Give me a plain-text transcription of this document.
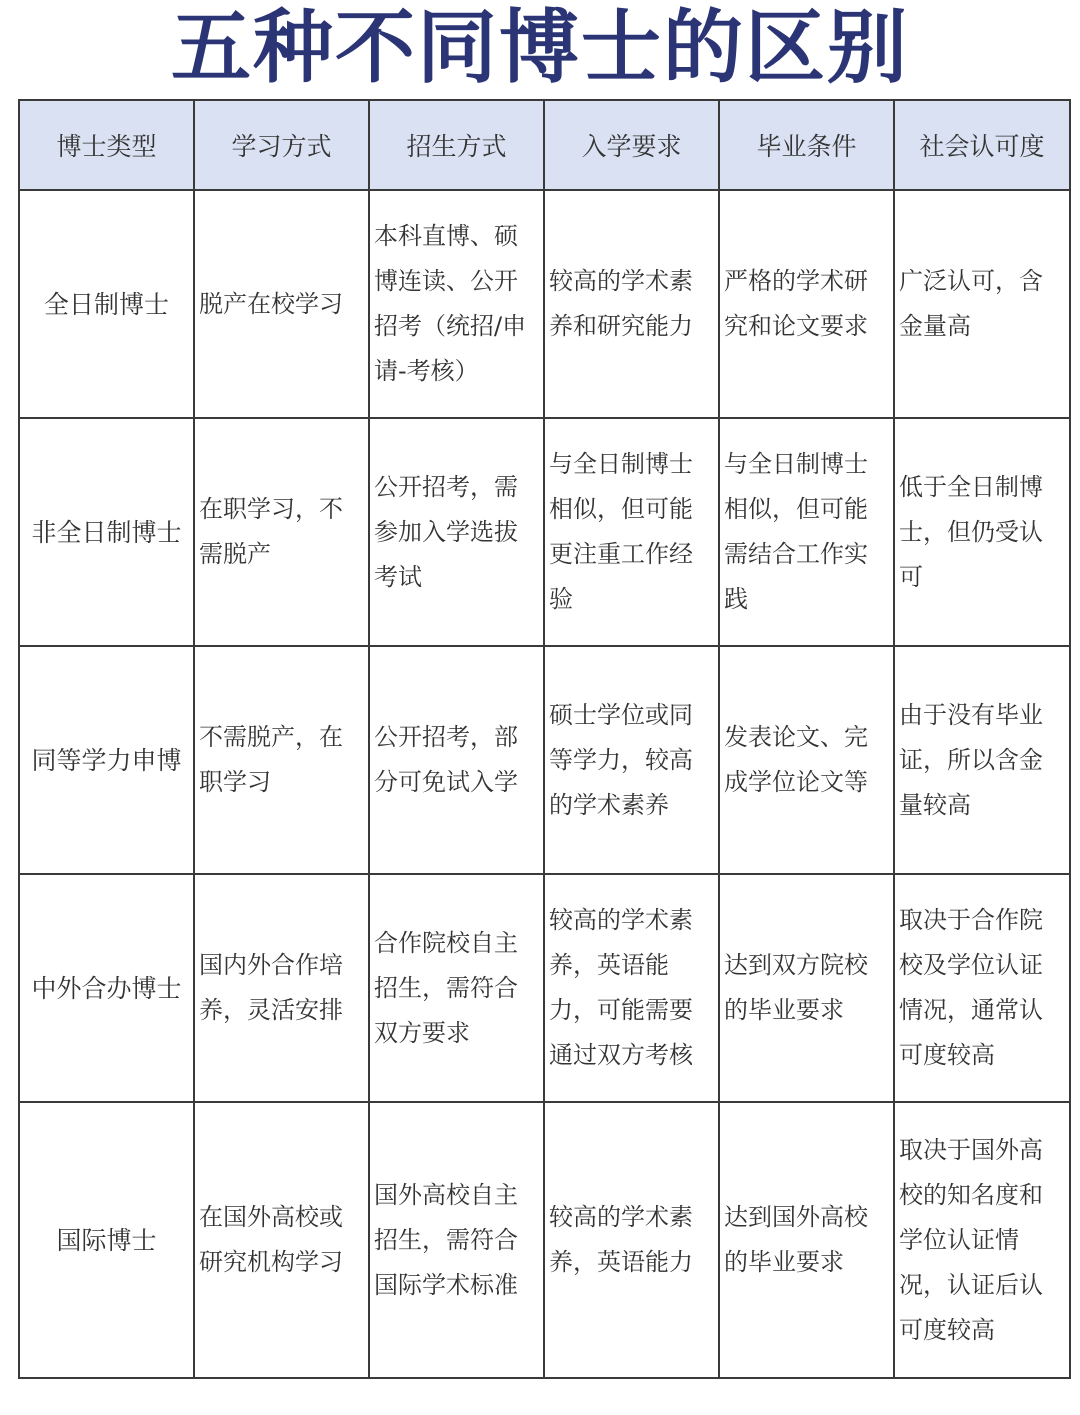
五种不同博士的区别
博士类型	学习方式	招生方式	入学要求	毕业条件	社会认可度
全日制博士	脱产在校学习	本科直博、硕博连读、公开招考（统招/申请-考核）	较高的学术素养和研究能力	严格的学术研究和论文要求	广泛认可，含金量高
非全日制博士	在职学习，不需脱产	公开招考，需参加入学选拔考试	与全日制博士相似，但可能更注重工作经验	与全日制博士相似，但可能需结合工作实践	低于全日制博士，但仍受认可
同等学力申博	不需脱产，在职学习	公开招考，部分可免试入学	硕士学位或同等学力，较高的学术素养	发表论文、完成学位论文等	由于没有毕业证，所以含金量较高
中外合办博士	国内外合作培养，灵活安排	合作院校自主招生，需符合双方要求	较高的学术素养，英语能力，可能需要通过双方考核	达到双方院校的毕业要求	取决于合作院校及学位认证情况，通常认可度较高
国际博士	在国外高校或研究机构学习	国外高校自主招生，需符合国际学术标准	较高的学术素养，英语能力	达到国外高校的毕业要求	取决于国外高校的知名度和学位认证情况，认证后认可度较高
